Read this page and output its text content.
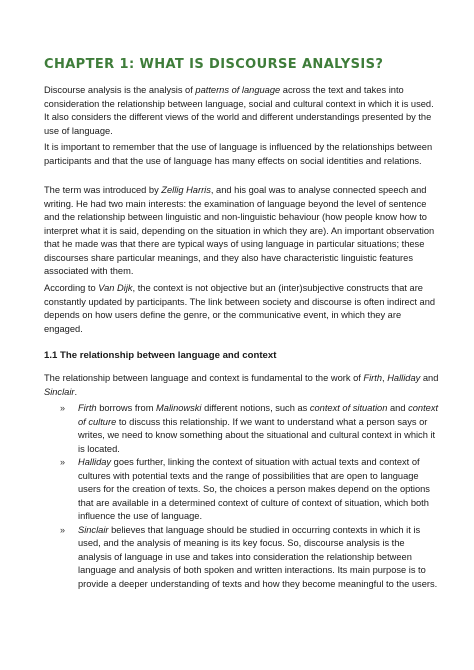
CHAPTER 1: WHAT IS DISCOURSE ANALYSIS?

Discourse analysis is the analysis of patterns of language across the text and takes into consideration the relationship between language, social and cultural context in which it is used. It also considers the different views of the world and different understandings presented by the use of language.

It is important to remember that the use of language is influenced by the relationships between participants and that the use of language has many effects on social identities and relations.

The term was introduced by Zellig Harris, and his goal was to analyse connected speech and writing. He had two main interests: the examination of language beyond the level of sentence and the relationship between linguistic and non-linguistic behaviour (how people know how to interpret what it is said, depending on the situation in which they are). An important observation that he made was that there are typical ways of using language in particular situations; these discourses share particular meanings, and they also have characteristic linguistic features associated with them.

According to Van Dijk, the context is not objective but an (inter)subjective constructs that are constantly updated by participants. The link between society and discourse is often indirect and depends on how users define the genre, or the communicative event, in which they are engaged.

1.1 The relationship between language and context

The relationship between language and context is fundamental to the work of Firth, Halliday and Sinclair.

»	Firth borrows from Malinowski different notions, such as context of situation and context of culture to discuss this relationship. If we want to understand what a person says or writes, we need to know something about the situational and cultural context in which it is located.
»	Halliday goes further, linking the context of situation with actual texts and context of cultures with potential texts and the range of possibilities that are open to language users for the creation of texts. So, the choices a person makes depend on the options that are available in a determined context of culture of context of situation, which both influence the use of language.
»	Sinclair believes that language should be studied in occurring contexts in which it is used, and the analysis of meaning is its key focus. So, discourse analysis is the analysis of language in use and takes into consideration the relationship between language and analysis of both spoken and written interactions. Its main purpose is to provide a deeper understanding of texts and how they become meaningful to the users.
